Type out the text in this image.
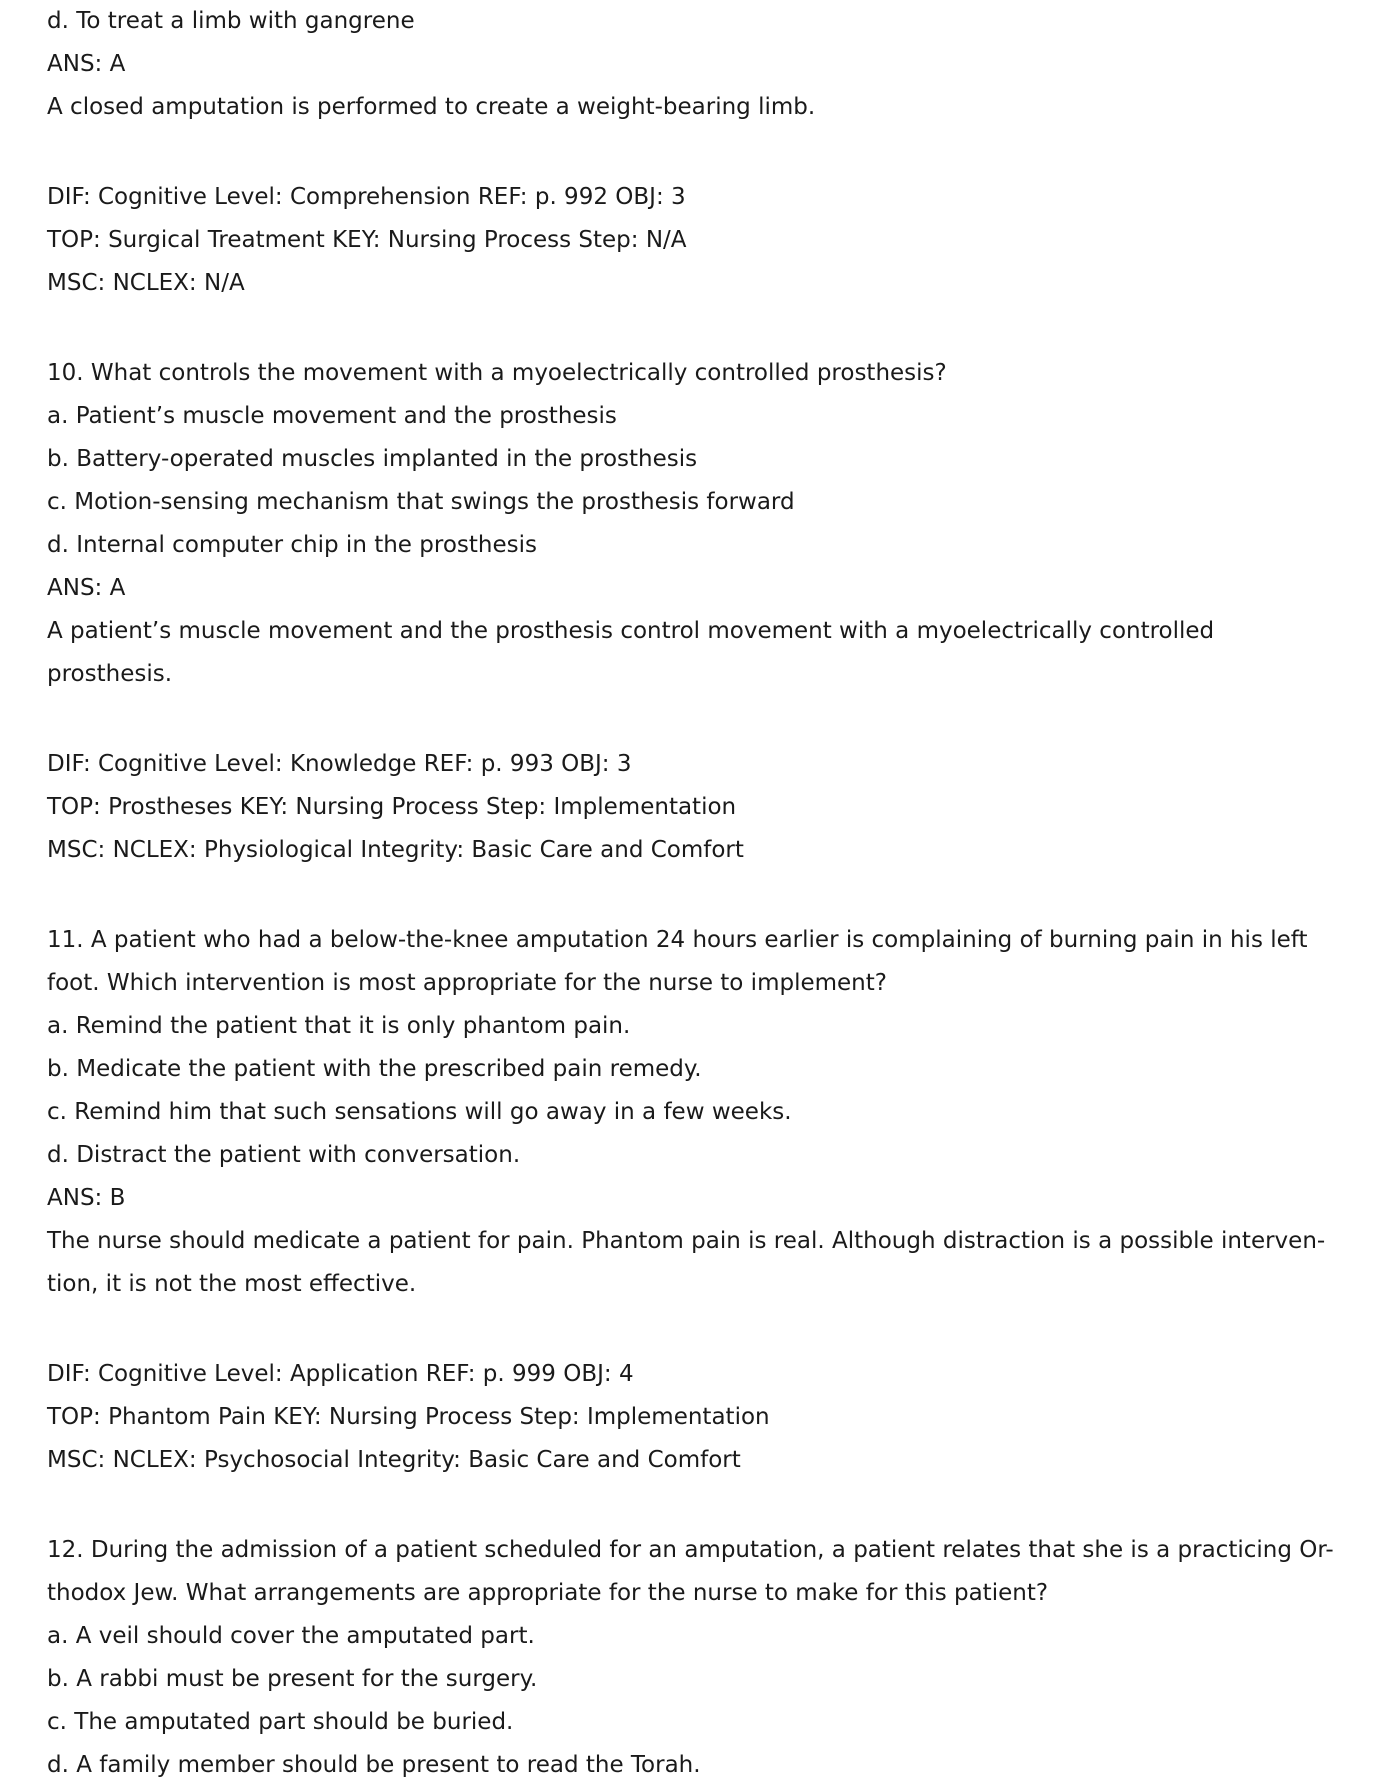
d. To treat a limb with gangrene

ANS: A

A closed amputation is performed to create a weight-bearing limb.

DIF: Cognitive Level: Comprehension REF: p. 992 OBJ: 3

TOP: Surgical Treatment KEY: Nursing Process Step: N/A

MSC: NCLEX: N/A

10. What controls the movement with a myoelectrically controlled prosthesis?

a. Patient’s muscle movement and the prosthesis

b. Battery-operated muscles implanted in the prosthesis

c. Motion-sensing mechanism that swings the prosthesis forward

d. Internal computer chip in the prosthesis

ANS: A

A patient’s muscle movement and the prosthesis control movement with a myoelectrically controlled

prosthesis.

DIF: Cognitive Level: Knowledge REF: p. 993 OBJ: 3

TOP: Prostheses KEY: Nursing Process Step: Implementation

MSC: NCLEX: Physiological Integrity: Basic Care and Comfort

11. A patient who had a below-the-knee amputation 24 hours earlier is complaining of burning pain in his left

foot. Which intervention is most appropriate for the nurse to implement?

a. Remind the patient that it is only phantom pain.

b. Medicate the patient with the prescribed pain remedy.

c. Remind him that such sensations will go away in a few weeks.

d. Distract the patient with conversation.

ANS: B

The nurse should medicate a patient for pain. Phantom pain is real. Although distraction is a possible interven-

tion, it is not the most effective.

DIF: Cognitive Level: Application REF: p. 999 OBJ: 4

TOP: Phantom Pain KEY: Nursing Process Step: Implementation

MSC: NCLEX: Psychosocial Integrity: Basic Care and Comfort

12. During the admission of a patient scheduled for an amputation, a patient relates that she is a practicing Or-

thodox Jew. What arrangements are appropriate for the nurse to make for this patient?

a. A veil should cover the amputated part.

b. A rabbi must be present for the surgery.

c. The amputated part should be buried.

d. A family member should be present to read the Torah.
